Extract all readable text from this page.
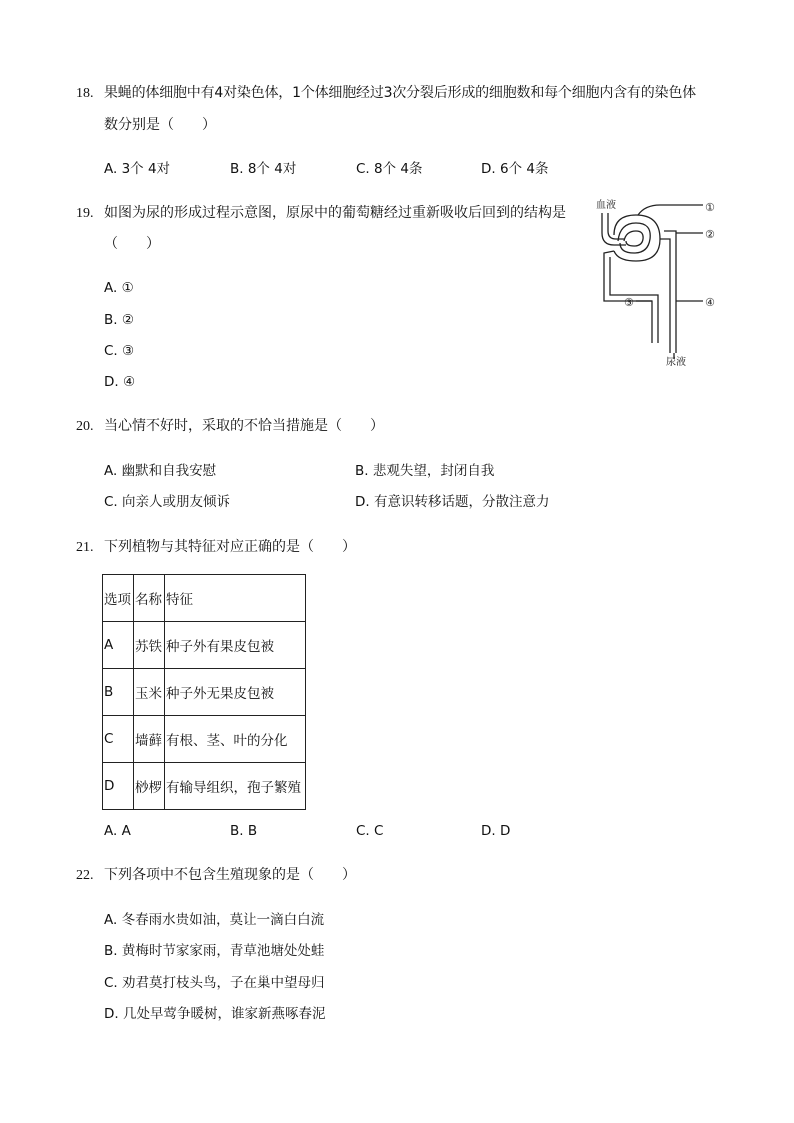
18. 果蝇的体细胞中有4对染色体，1个体细胞经过3次分裂后形成的细胞数和每个细胞内含有的染色体
数分别是（　　）
A. 3个 4对	B. 8个 4对	C. 8个 4条	D. 6个 4条
19. 如图为尿的形成过程示意图，原尿中的葡萄糖经过重新吸收后回到的结构是
（　　）
A. ①
B. ②
C. ③
D. ④
血液	①
②
③	④
尿液
20. 当心情不好时，采取的不恰当措施是（　　）
A. 幽默和自我安慰	B. 悲观失望，封闭自我
C. 向亲人或朋友倾诉	D. 有意识转移话题，分散注意力
21. 下列植物与其特征对应正确的是（　　）
选项	名称	特征
A	苏铁	种子外有果皮包被
B	玉米	种子外无果皮包被
C	墙藓	有根、茎、叶的分化
D	桫椤	有输导组织，孢子繁殖
A. A	B. B	C. C	D. D
22. 下列各项中不包含生殖现象的是（　　）
A. 冬春雨水贵如油，莫让一滴白白流
B. 黄梅时节家家雨，青草池塘处处蛙
C. 劝君莫打枝头鸟，子在巢中望母归
D. 几处早莺争暖树，谁家新燕啄春泥
